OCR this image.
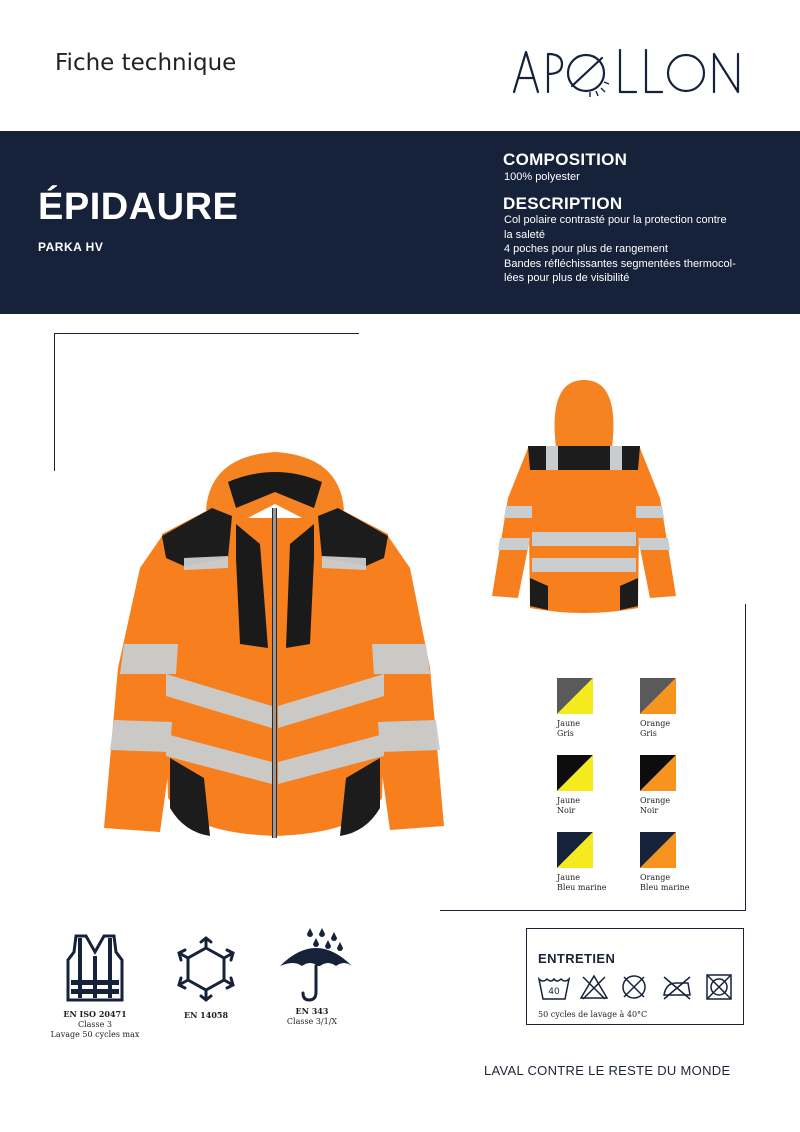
Fiche technique
APOLLON
ÉPIDAURE
PARKA HV
COMPOSITION
100% polyester
DESCRIPTION
Col polaire contrasté pour la protection contre
la saleté
4 poches pour plus de rangement
Bandes réfléchissantes segmentées thermocol-
lées pour plus de visibilité
Jaune
Gris
Orange
Gris
Jaune
Noir
Orange
Noir
Jaune
Bleu marine
Orange
Bleu marine
EN ISO 20471
Classe 3
Lavage 50 cycles max
EN 14058	EN 343
Classe 3/1/X
ENTRETIEN
40
50 cycles de lavage à 40°C
LAVAL CONTRE LE RESTE DU MONDE
